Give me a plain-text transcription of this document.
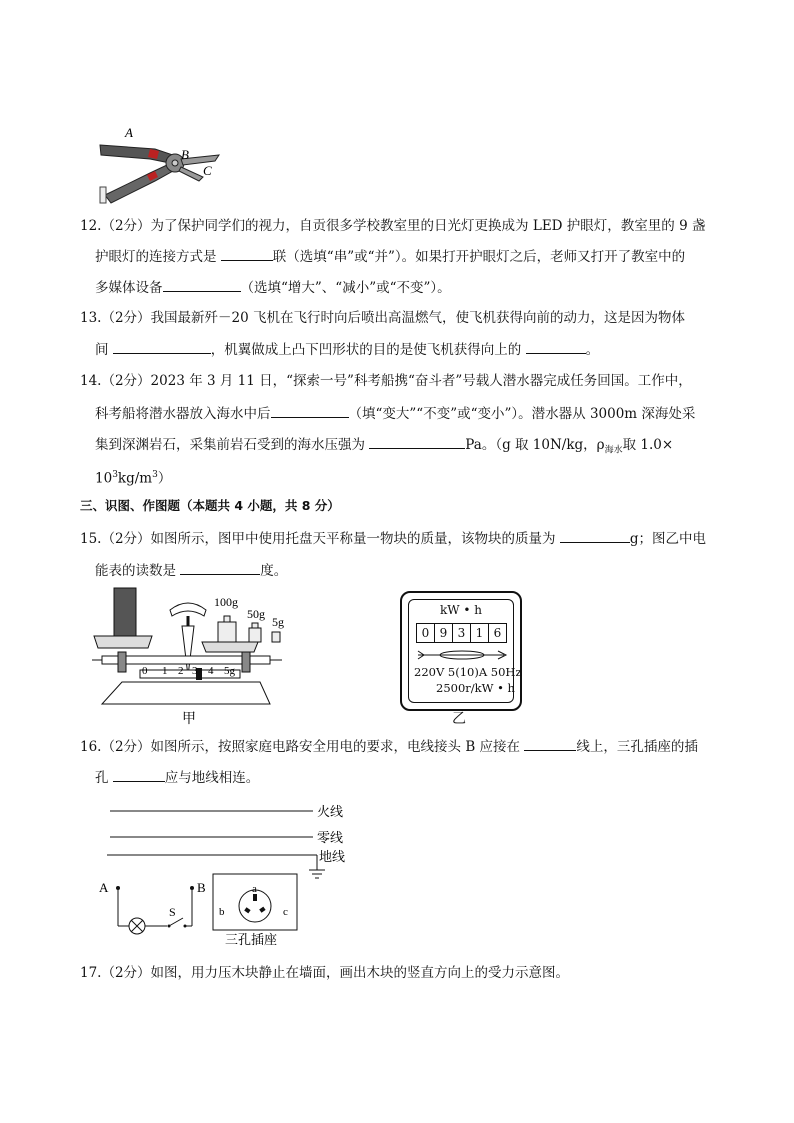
A
B
C
12.（2分）为了保护同学们的视力，自贡很多学校教室里的日光灯更换成为 LED 护眼灯，教室里的 9 盏
护眼灯的连接方式是	联（选填“串”或“并”）。如果打开护眼灯之后，老师又打开了教室中的
多媒体设备	（选填“增大”、“减小”或“不变”）。
13.（2分）我国最新歼－20 飞机在飞行时向后喷出高温燃气，使飞机获得向前的动力，这是因为物体
间	，机翼做成上凸下凹形状的目的是使飞机获得向上的	。
14.（2分）2023 年 3 月 11 日，“探索一号”科考船携“奋斗者”号载人潜水器完成任务回国。工作中，
科考船将潜水器放入海水中后	（填“变大”“不变”或“变小”）。潜水器从 3000m 深海处采
集到深渊岩石，采集前岩石受到的海水压强为	Pa。（g 取 10N/kg，$\rho_{海水}$取 1.0×
$10^3kg/m^3$）
三、识图、作图题（本题共 4 小题，共 8 分）
15.（2分）如图所示，图甲中使用托盘天平称量一物块的质量，该物块的质量为	g；图乙中电
能表的读数是	度。
100g
50g
5g
0 1 2 3 4 5g
甲
kW • h
0 9 3 1 6
220V 5(10)A 50Hz
2500r/kW • h
乙
16.（2分）如图所示，按照家庭电路安全用电的要求，电线接头 B 应接在	线上，三孔插座的插
孔	应与地线相连。
火线
零线
地线
A	B
S
a
b	c
三孔插座
17.（2分）如图，用力压木块静止在墙面，画出木块的竖直方向上的受力示意图。
